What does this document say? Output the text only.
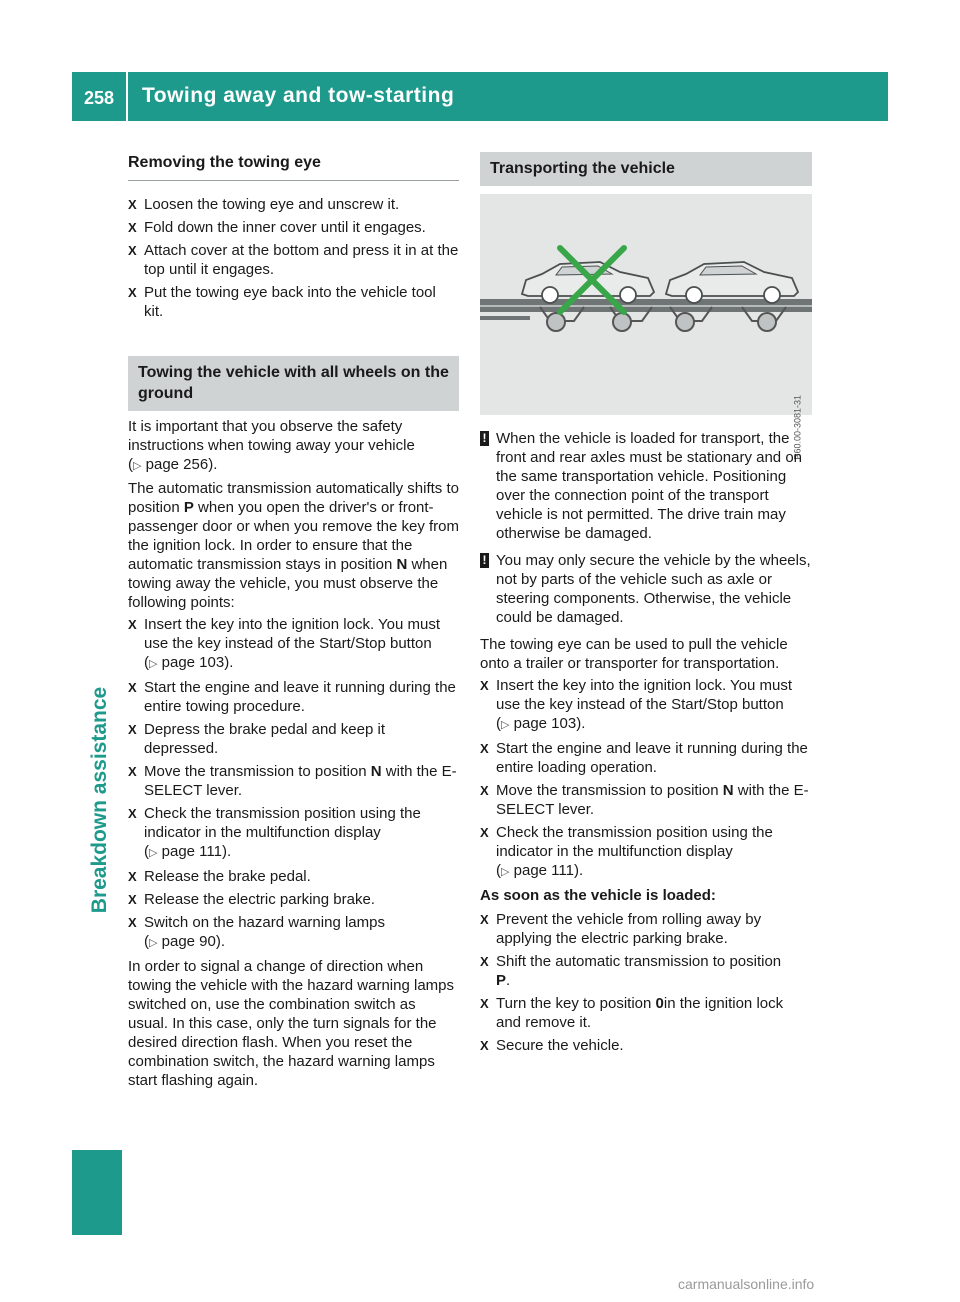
258 Towing away and tow-starting
Breakdown assistance
Removing the towing eye
X Loosen the towing eye and unscrew it.
X Fold down the inner cover until it engages.
X Attach cover at the bottom and press it in at the top until it engages.
X Put the towing eye back into the vehicle tool kit.
Towing the vehicle with all wheels on the ground

It is important that you observe the safety instructions when towing away your vehicle
(▷ page 256).

The automatic transmission automatically shifts to position P when you open the driver's or front-passenger door or when you remove the key from the ignition lock. In order to ensure that the automatic transmission stays in position N when towing away the vehicle, you must observe the following points:

X Insert the key into the ignition lock. You must use the key instead of the Start/Stop button
(▷ page 103).
X Start the engine and leave it running during the entire towing procedure.
X Depress the brake pedal and keep it depressed.
X Move the transmission to position N with the E-SELECT lever.
X Check the transmission position using the indicator in the multifunction display
(▷ page 111).
X Release the brake pedal.
X Release the electric parking brake.
X Switch on the hazard warning lamps
(▷ page 90).

In order to signal a change of direction when towing the vehicle with the hazard warning lamps switched on, use the combination switch as usual. In this case, only the turn signals for the desired direction flash. When you reset the combination switch, the hazard warning lamps start flashing again.

Transporting the vehicle
P60.00-3081-31
! When the vehicle is loaded for transport, the front and rear axles must be stationary and on the same transportation vehicle. Positioning over the connection point of the transport vehicle is not permitted. The drive train may otherwise be damaged.
! You may only secure the vehicle by the wheels, not by parts of the vehicle such as axle or steering components. Otherwise, the vehicle could be damaged.

The towing eye can be used to pull the vehicle onto a trailer or transporter for transportation.

X Insert the key into the ignition lock. You must use the key instead of the Start/Stop button
(▷ page 103).
X Start the engine and leave it running during the entire loading operation.
X Move the transmission to position N with the E-SELECT lever.
X Check the transmission position using the indicator in the multifunction display
(▷ page 111).
As soon as the vehicle is loaded:
X Prevent the vehicle from rolling away by applying the electric parking brake.
X Shift the automatic transmission to position
P.
X Turn the key to position 0in the ignition lock and remove it.
X Secure the vehicle.
carmanualsonline.info
